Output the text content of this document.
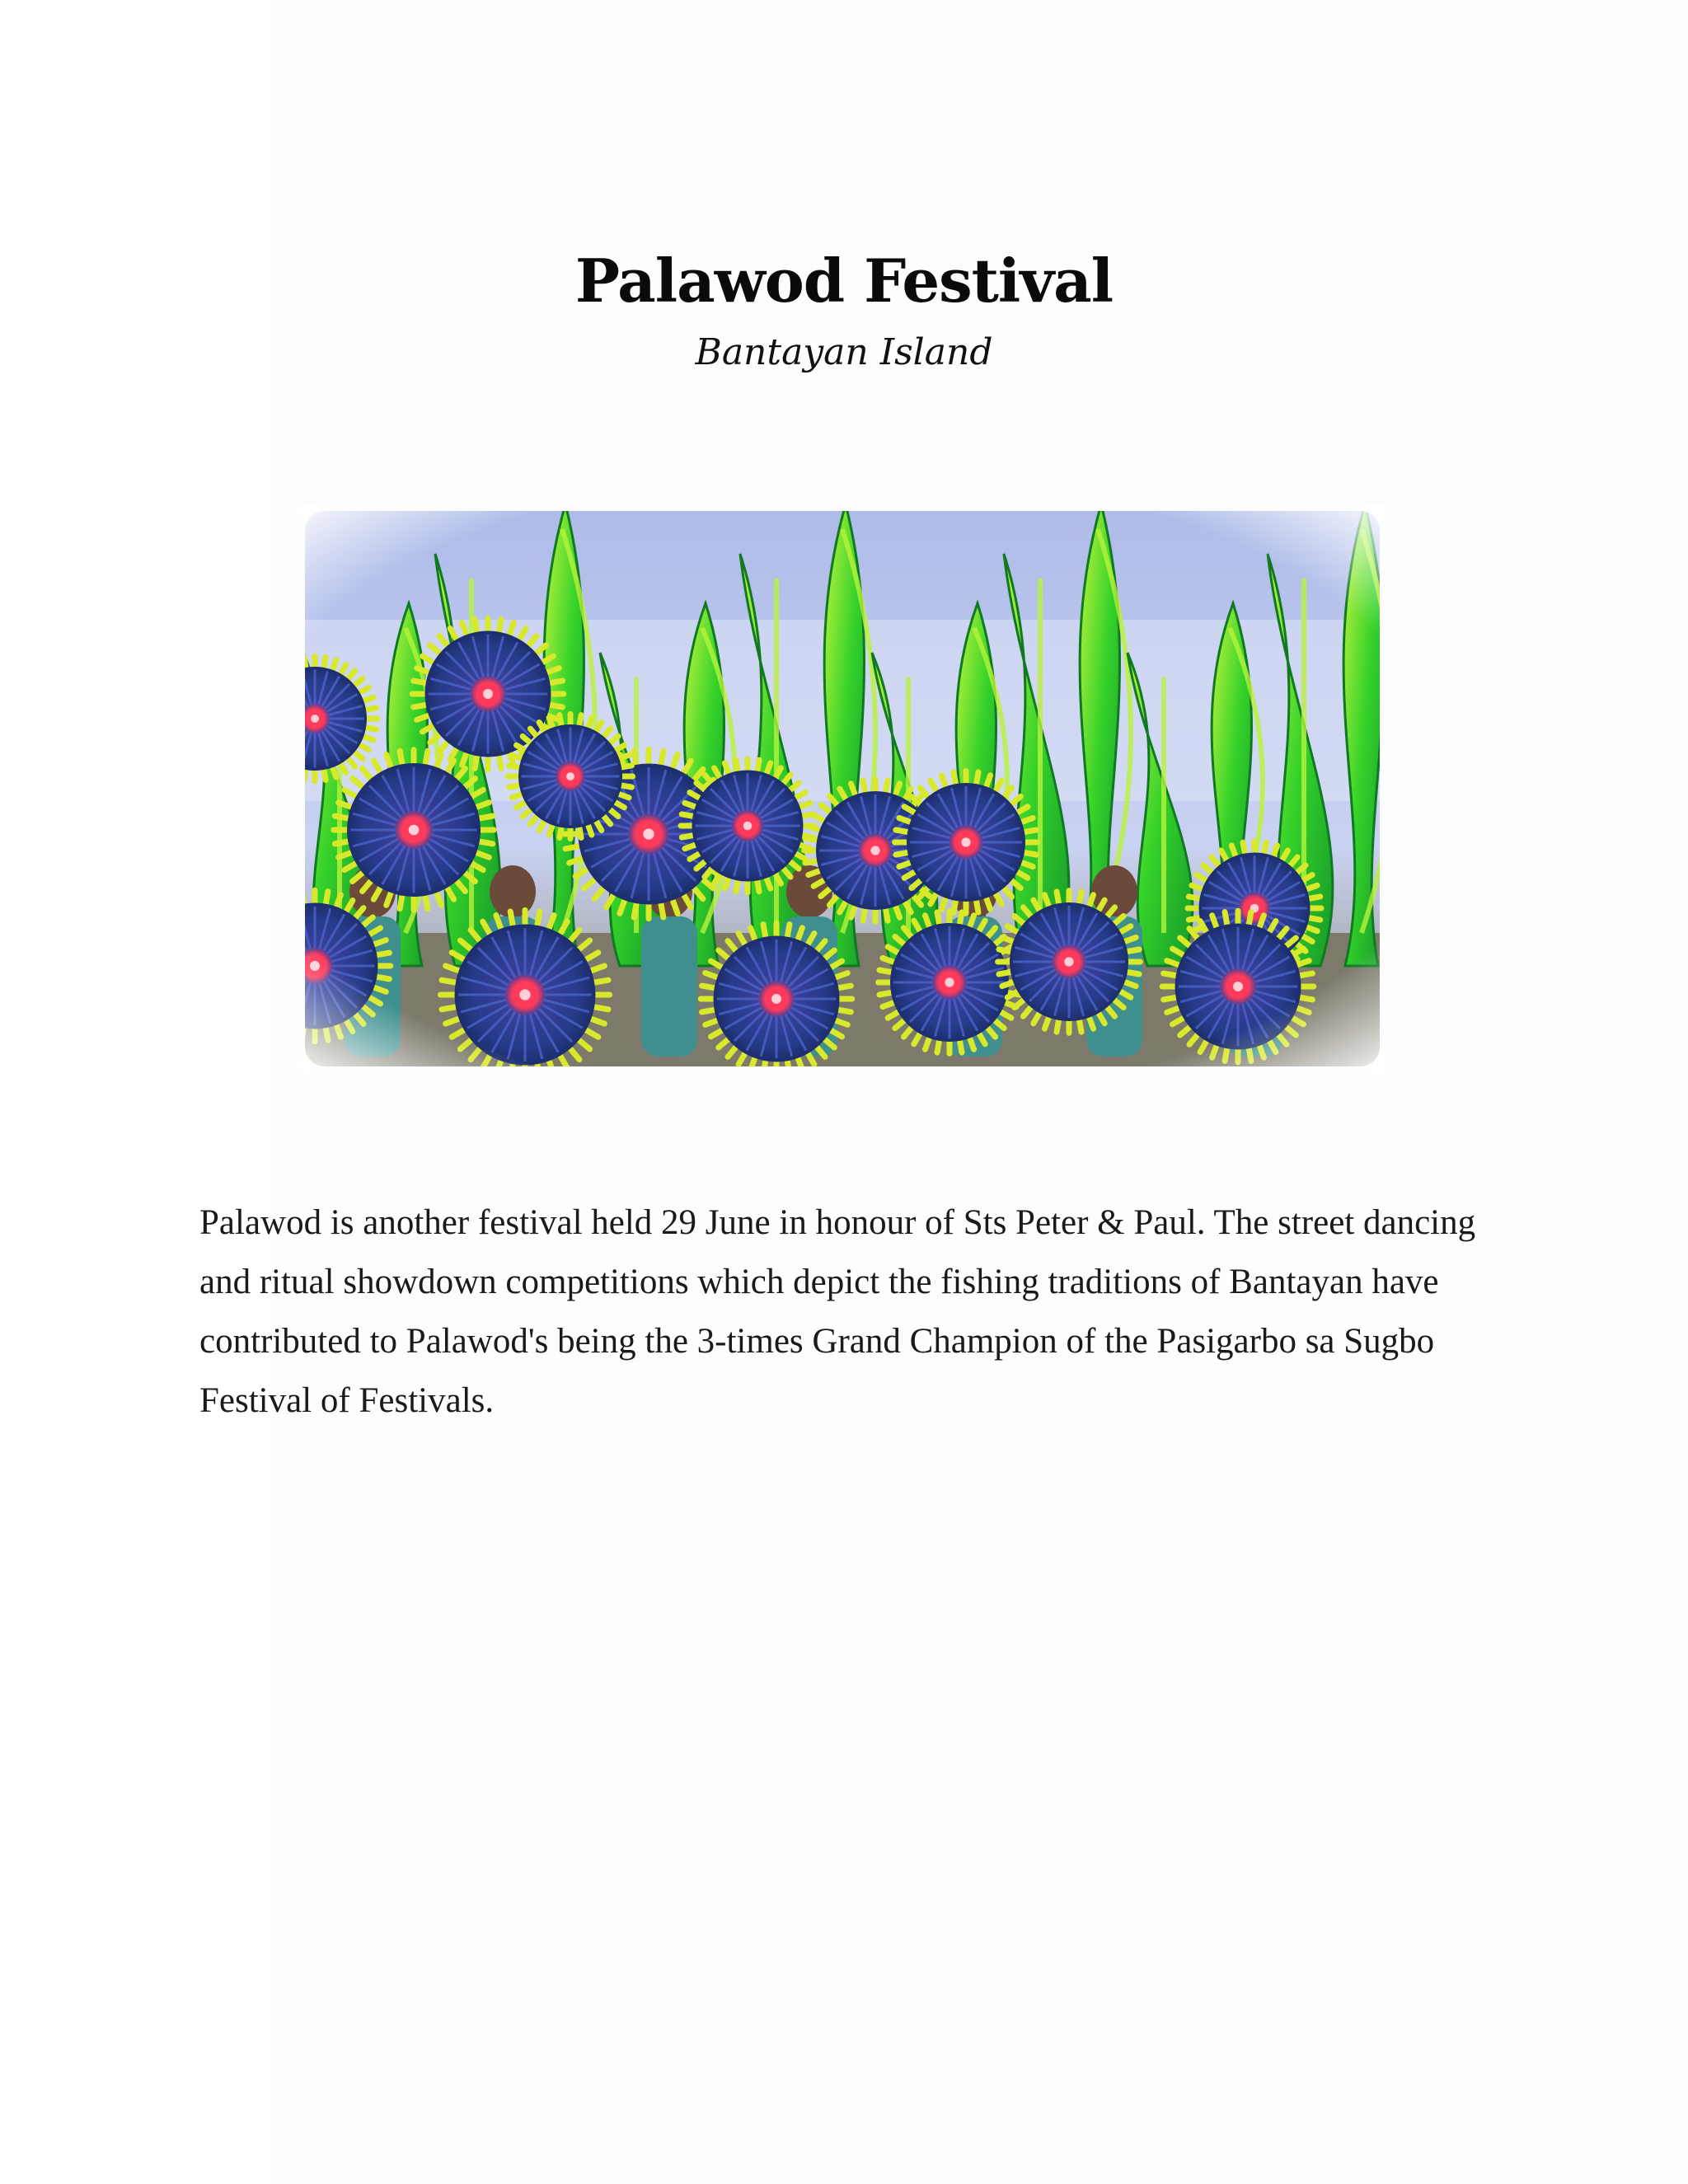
Palawod Festival
Bantayan Island

Palawod is another festival held 29 June in honour of Sts Peter & Paul. The street dancing and ritual showdown competitions which depict the fishing traditions of Bantayan have contributed to Palawod's being the 3-times Grand Champion of the Pasigarbo sa Sugbo Festival of Festivals.
